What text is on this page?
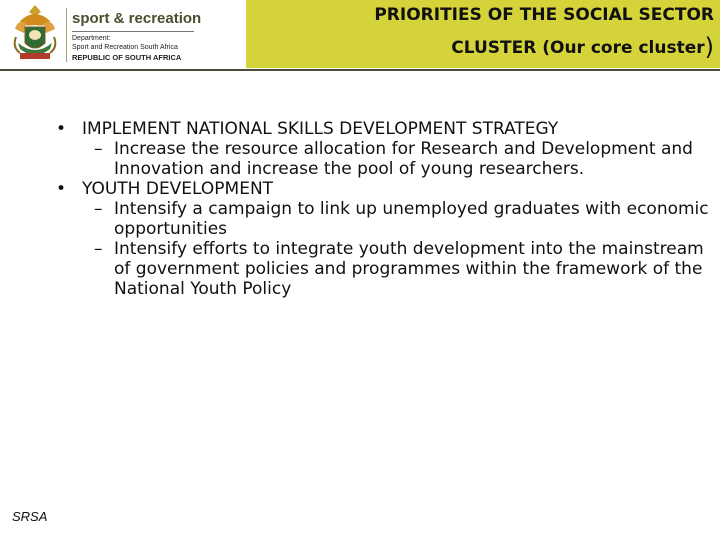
sport & recreation
Department:
Sport and Recreation South Africa
REPUBLIC OF SOUTH AFRICA
PRIORITIES OF THE SOCIAL SECTOR
CLUSTER (Our core cluster)

• IMPLEMENT NATIONAL SKILLS DEVELOPMENT STRATEGY

– Increase the resource allocation for Research and Development and Innovation and increase the pool of young researchers.

• YOUTH DEVELOPMENT

– Intensify a campaign to link up unemployed graduates with economic opportunities

– Intensify efforts to integrate youth development into the mainstream of government policies and programmes within the framework of the National Youth Policy

SRSA
